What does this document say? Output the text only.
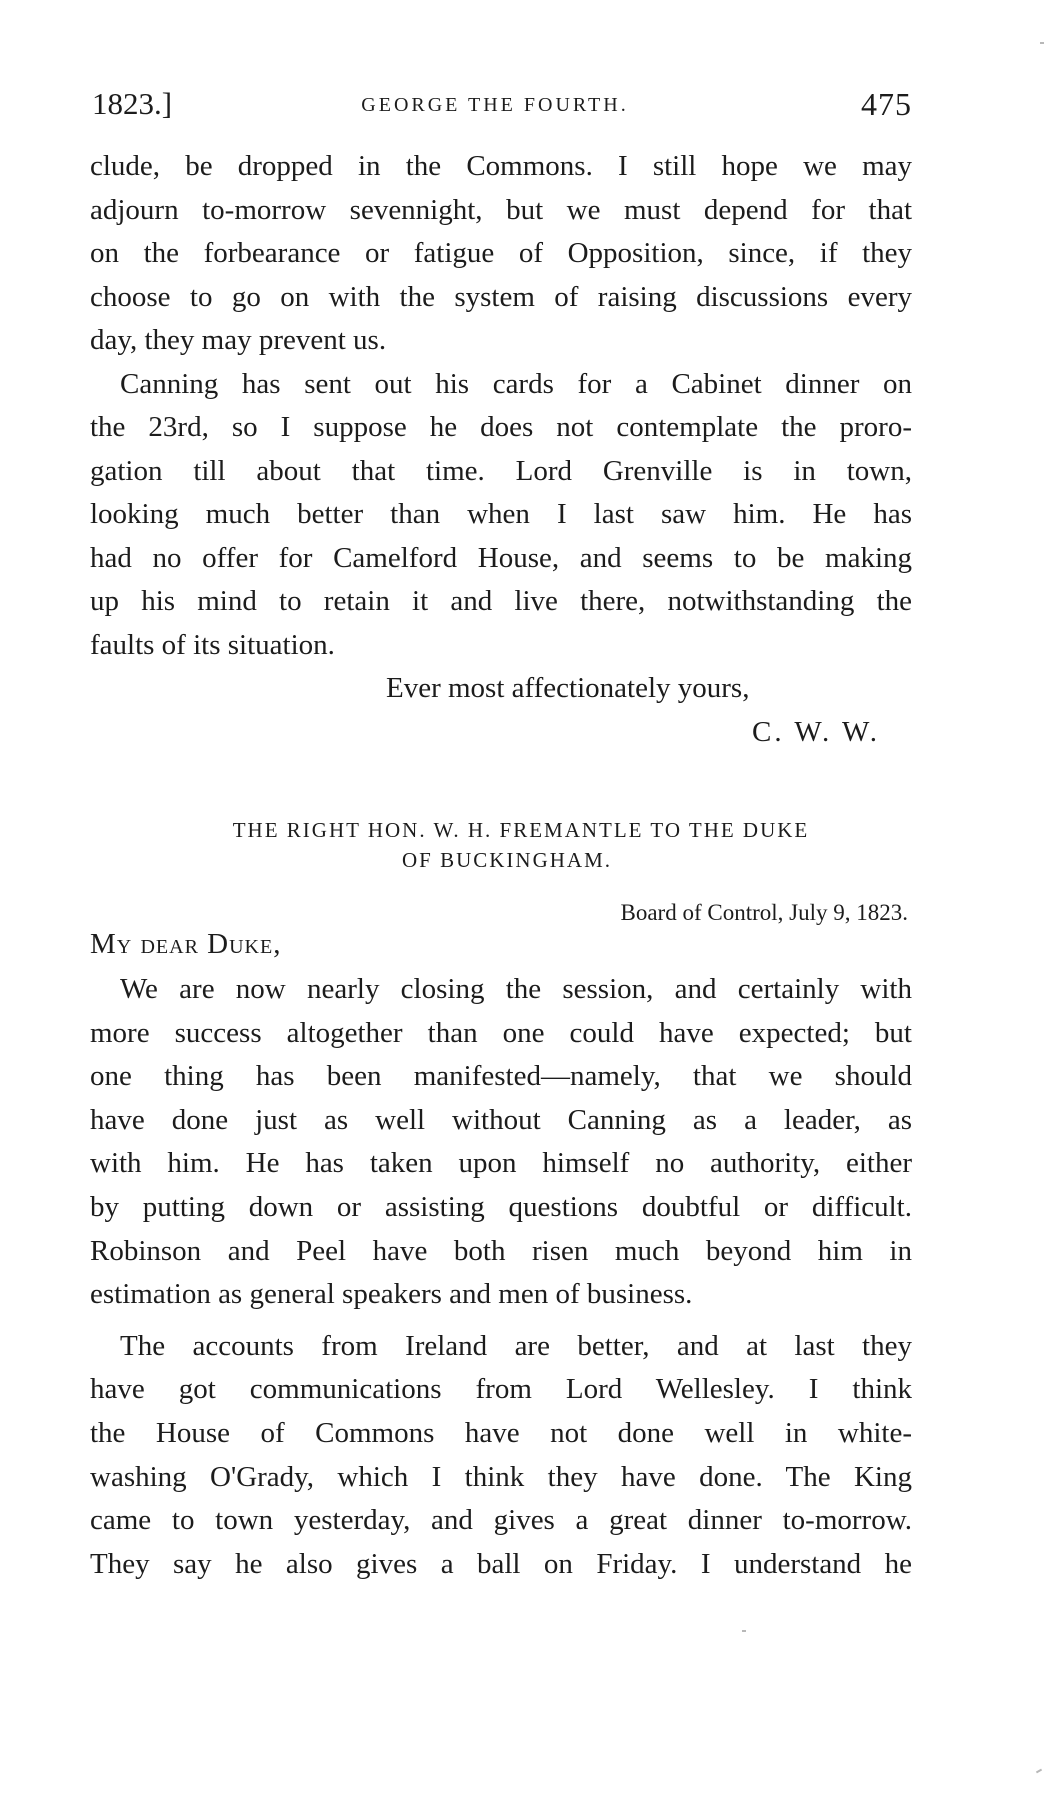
1823.]	GEORGE THE FOURTH.	475
clude, be dropped in the Commons. I still hope we may
adjourn to-morrow sevennight, but we must depend for that
on the forbearance or fatigue of Opposition, since, if they
choose to go on with the system of raising discussions every
day, they may prevent us.
Canning has sent out his cards for a Cabinet dinner on
the 23rd, so I suppose he does not contemplate the proro-
gation till about that time. Lord Grenville is in town,
looking much better than when I last saw him. He has
had no offer for Camelford House, and seems to be making
up his mind to retain it and live there, notwithstanding the
faults of its situation.
Ever most affectionately yours,
C. W. W.
THE RIGHT HON. W. H. FREMANTLE TO THE DUKE
OF BUCKINGHAM.
Board of Control, July 9, 1823.
My dear Duke,
We are now nearly closing the session, and certainly with
more success altogether than one could have expected; but
one thing has been manifested—namely, that we should
have done just as well without Canning as a leader, as
with him. He has taken upon himself no authority, either
by putting down or assisting questions doubtful or difficult.
Robinson and Peel have both risen much beyond him in
estimation as general speakers and men of business.
The accounts from Ireland are better, and at last they
have got communications from Lord Wellesley. I think
the House of Commons have not done well in white-
washing O'Grady, which I think they have done. The King
came to town yesterday, and gives a great dinner to-morrow.
They say he also gives a ball on Friday. I understand he
